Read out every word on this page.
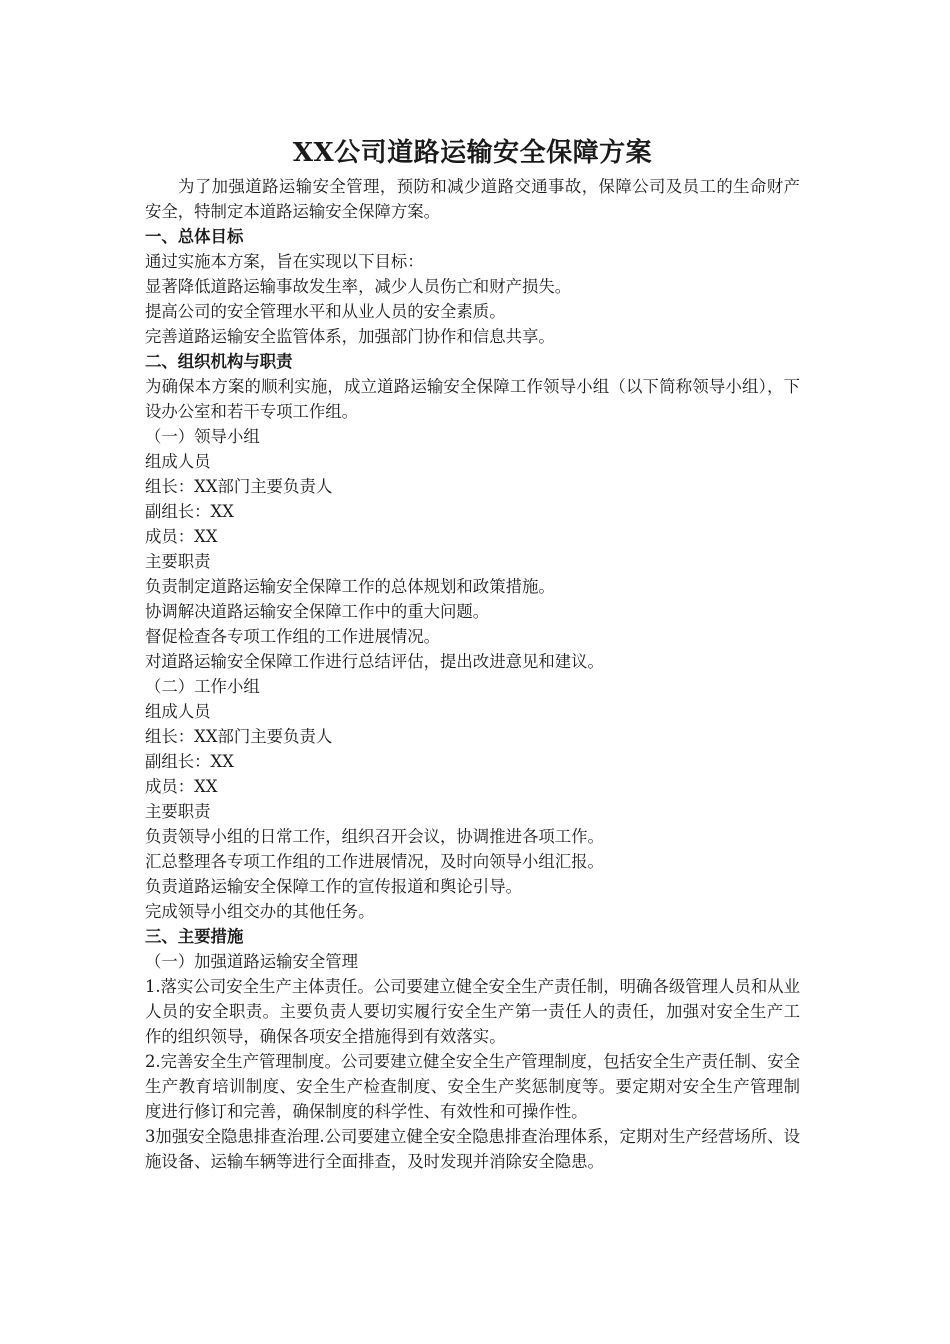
XX公司道路运输安全保障方案

为了加强道路运输安全管理，预防和减少道路交通事故，保障公司及员工的生命财产安全，特制定本道路运输安全保障方案。

一、总体目标

通过实施本方案，旨在实现以下目标：

显著降低道路运输事故发生率，减少人员伤亡和财产损失。

提高公司的安全管理水平和从业人员的安全素质。

完善道路运输安全监管体系，加强部门协作和信息共享。

二、组织机构与职责

为确保本方案的顺利实施，成立道路运输安全保障工作领导小组（以下简称领导小组），下设办公室和若干专项工作组。

（一）领导小组

组成人员

组长：XX部门主要负责人

副组长：XX

成员：XX

主要职责

负责制定道路运输安全保障工作的总体规划和政策措施。

协调解决道路运输安全保障工作中的重大问题。

督促检查各专项工作组的工作进展情况。

对道路运输安全保障工作进行总结评估，提出改进意见和建议。

（二）工作小组

组成人员

组长：XX部门主要负责人

副组长：XX

成员：XX

主要职责

负责领导小组的日常工作，组织召开会议，协调推进各项工作。

汇总整理各专项工作组的工作进展情况，及时向领导小组汇报。

负责道路运输安全保障工作的宣传报道和舆论引导。

完成领导小组交办的其他任务。

三、主要措施

（一）加强道路运输安全管理

1.落实公司安全生产主体责任。公司要建立健全安全生产责任制，明确各级管理人员和从业人员的安全职责。主要负责人要切实履行安全生产第一责任人的责任，加强对安全生产工作的组织领导，确保各项安全措施得到有效落实。

2.完善安全生产管理制度。公司要建立健全安全生产管理制度，包括安全生产责任制、安全生产教育培训制度、安全生产检查制度、安全生产奖惩制度等。要定期对安全生产管理制度进行修订和完善，确保制度的科学性、有效性和可操作性。

3加强安全隐患排查治理.公司要建立健全安全隐患排查治理体系，定期对生产经营场所、设施设备、运输车辆等进行全面排查，及时发现并消除安全隐患。
